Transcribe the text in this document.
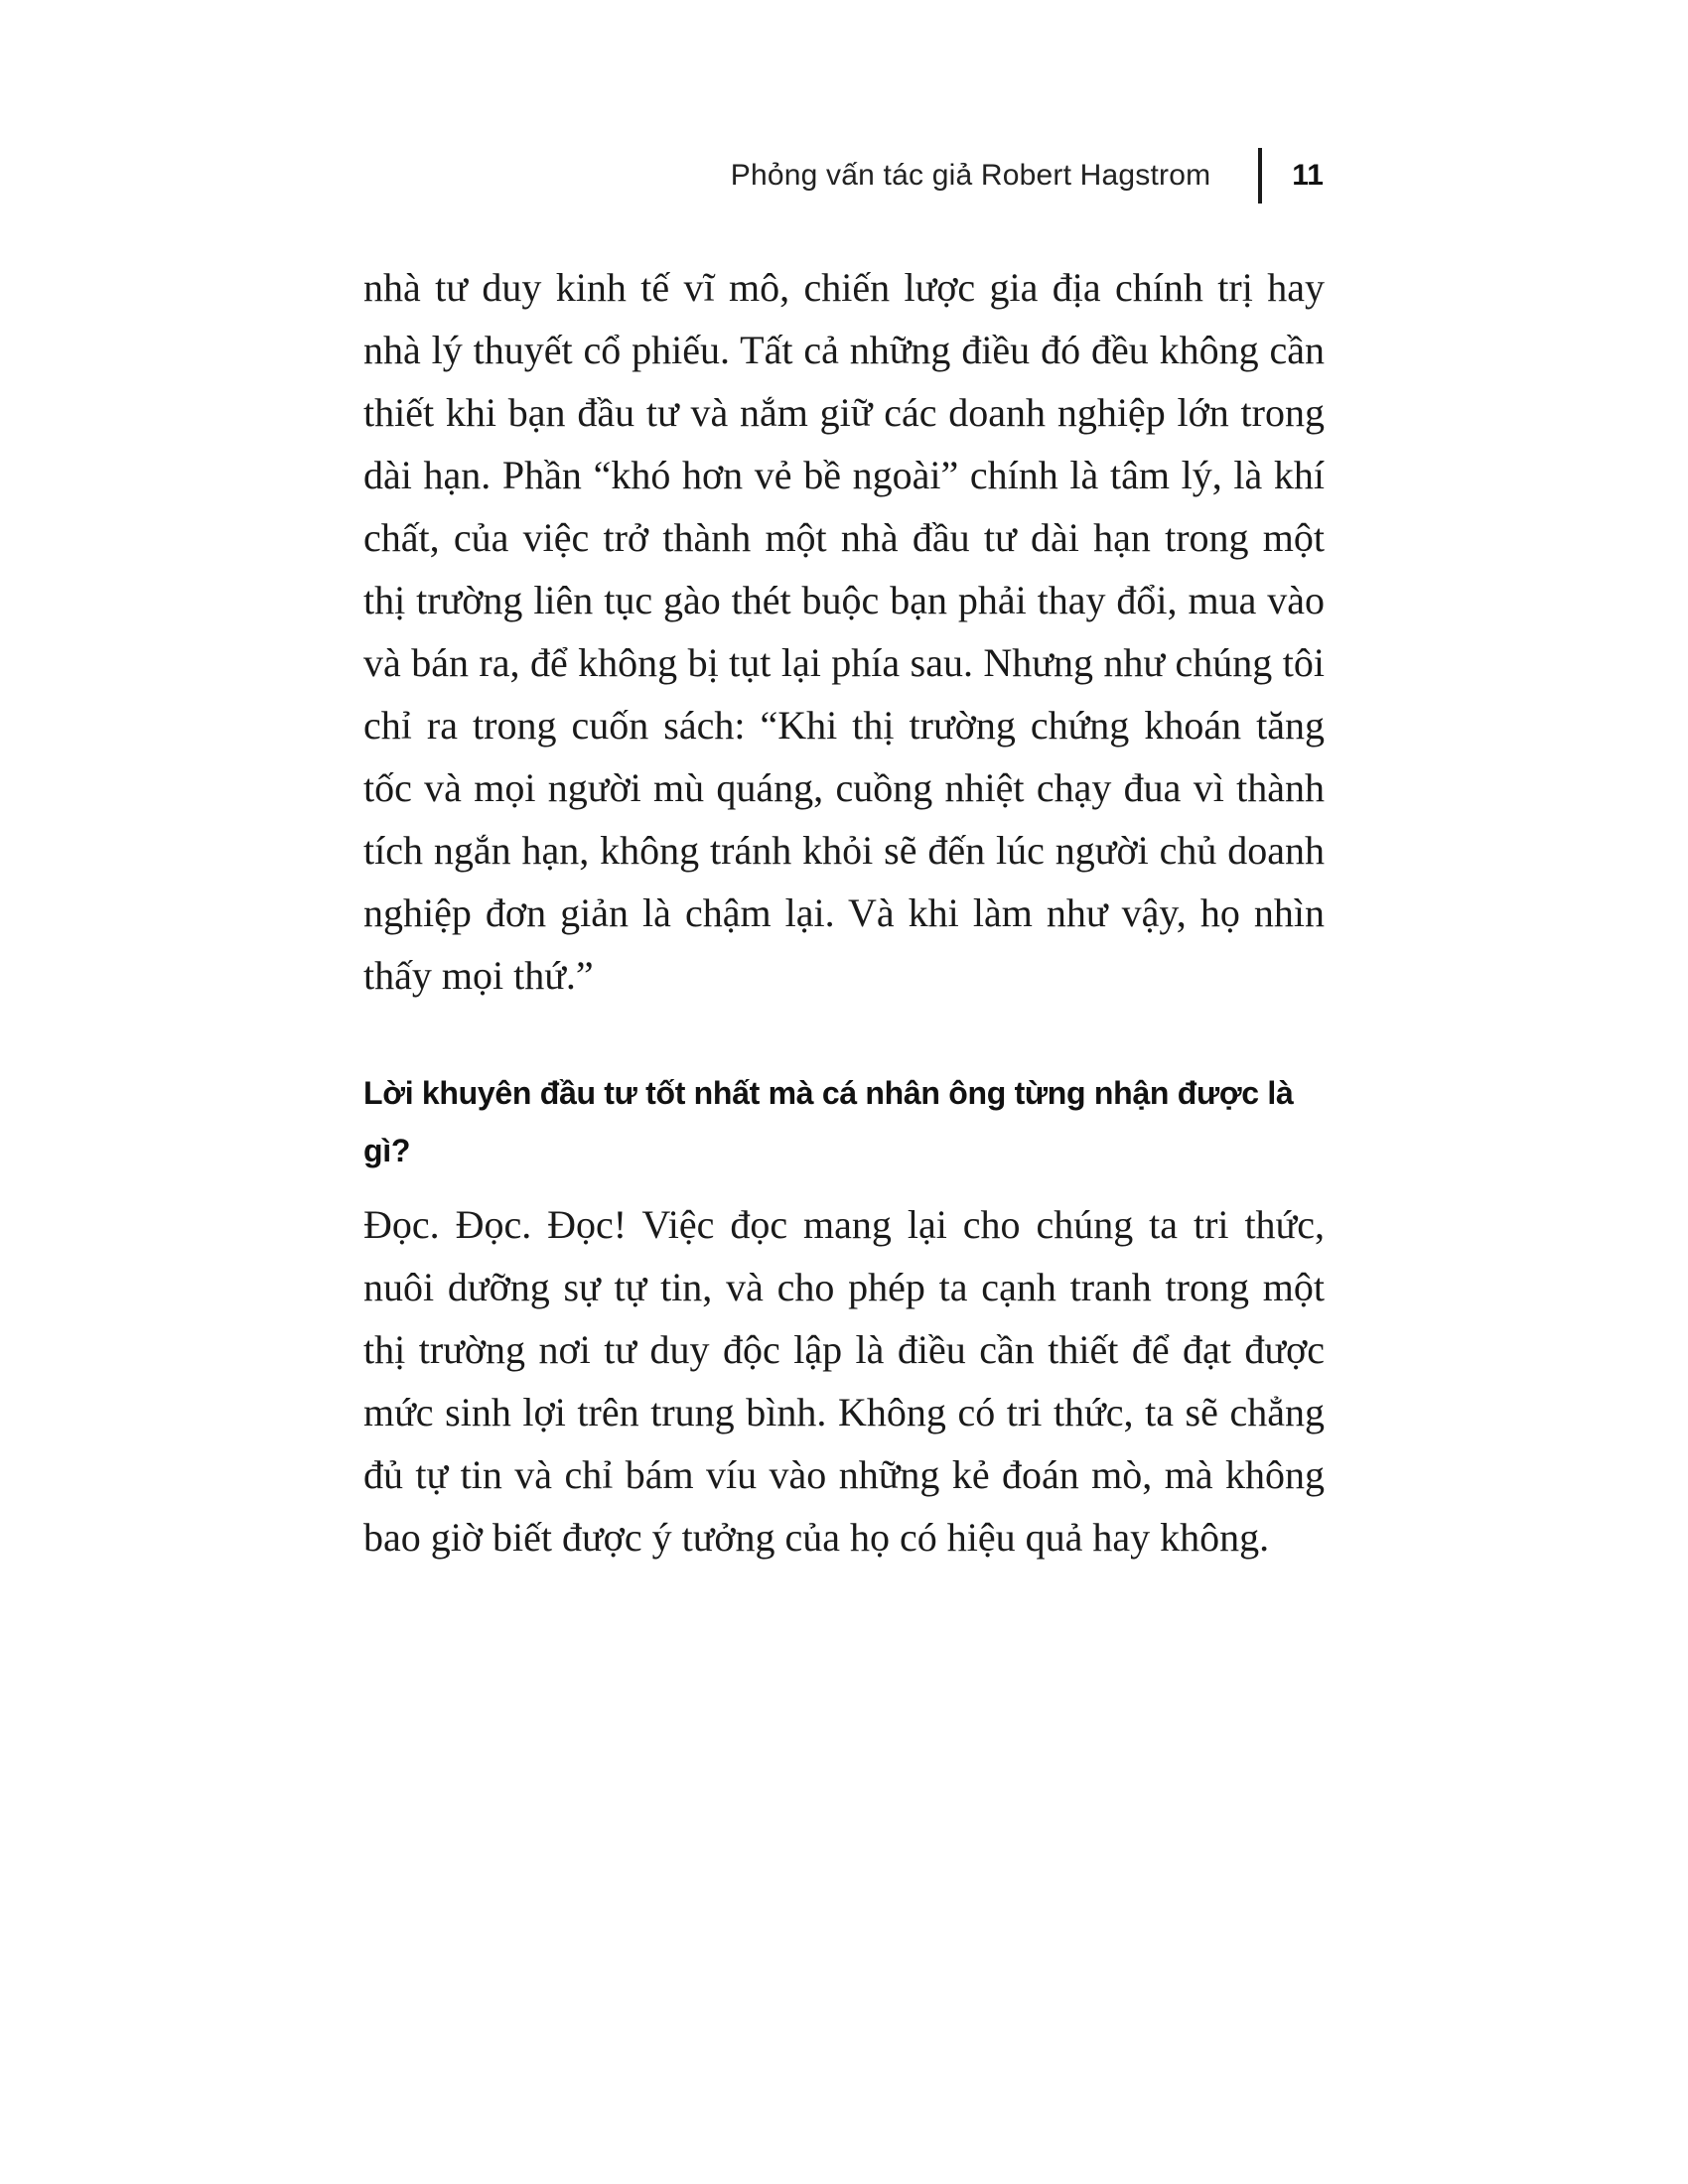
Phỏng vấn tác giả Robert Hagstrom	11

nhà tư duy kinh tế vĩ mô, chiến lược gia địa chính trị hay nhà lý thuyết cổ phiếu. Tất cả những điều đó đều không cần thiết khi bạn đầu tư và nắm giữ các doanh nghiệp lớn trong dài hạn. Phần “khó hơn vẻ bề ngoài” chính là tâm lý, là khí chất, của việc trở thành một nhà đầu tư dài hạn trong một thị trường liên tục gào thét buộc bạn phải thay đổi, mua vào và bán ra, để không bị tụt lại phía sau. Nhưng như chúng tôi chỉ ra trong cuốn sách: “Khi thị trường chứng khoán tăng tốc và mọi người mù quáng, cuồng nhiệt chạy đua vì thành tích ngắn hạn, không tránh khỏi sẽ đến lúc người chủ doanh nghiệp đơn giản là chậm lại. Và khi làm như vậy, họ nhìn thấy mọi thứ.”

Lời khuyên đầu tư tốt nhất mà cá nhân ông từng nhận được là gì?

Đọc. Đọc. Đọc! Việc đọc mang lại cho chúng ta tri thức, nuôi dưỡng sự tự tin, và cho phép ta cạnh tranh trong một thị trường nơi tư duy độc lập là điều cần thiết để đạt được mức sinh lợi trên trung bình. Không có tri thức, ta sẽ chẳng đủ tự tin và chỉ bám víu vào những kẻ đoán mò, mà không bao giờ biết được ý tưởng của họ có hiệu quả hay không.
